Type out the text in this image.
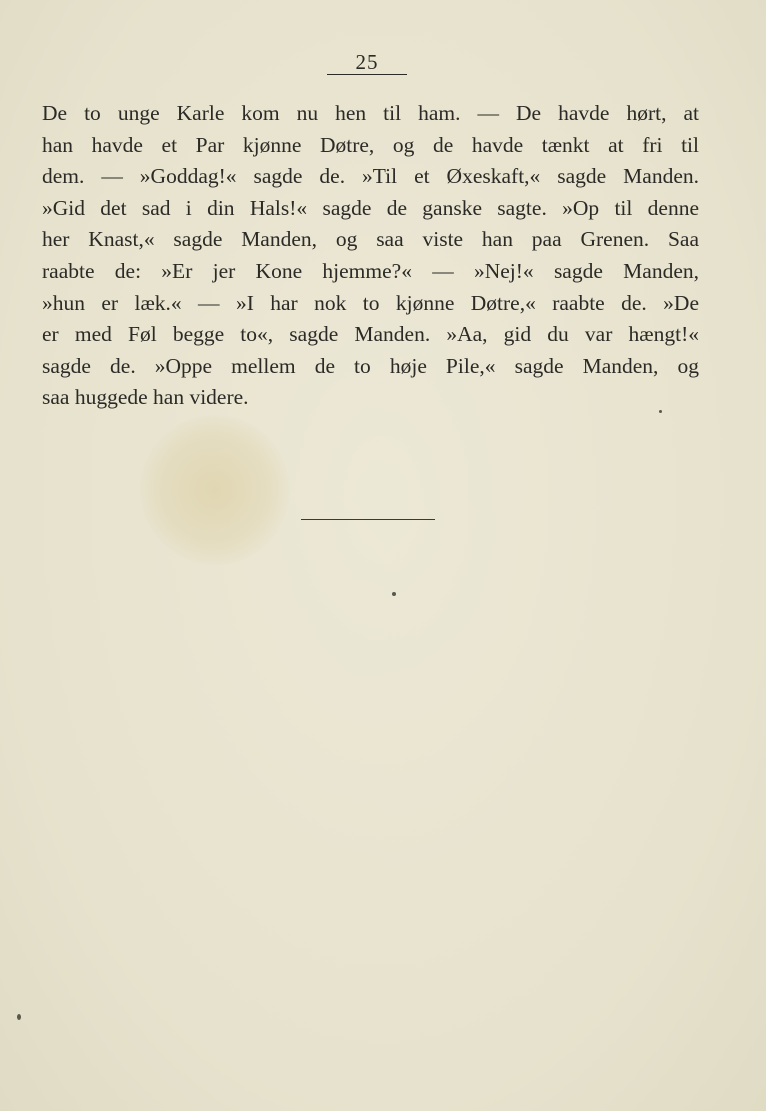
25
De to unge Karle kom nu hen til ham. — De havde hørt, at
han havde et Par kjønne Døtre, og de havde tænkt at fri til
dem. — »Goddag!« sagde de. »Til et Øxeskaft,« sagde Manden.
»Gid det sad i din Hals!« sagde de ganske sagte. »Op til denne
her Knast,« sagde Manden, og saa viste han paa Grenen. Saa
raabte de: »Er jer Kone hjemme?« — »Nej!« sagde Manden,
»hun er læk.« — »I har nok to kjønne Døtre,« raabte de. »De
er med Føl begge to«, sagde Manden. »Aa, gid du var hængt!«
sagde de. »Oppe mellem de to høje Pile,« sagde Manden, og
saa huggede han videre.
